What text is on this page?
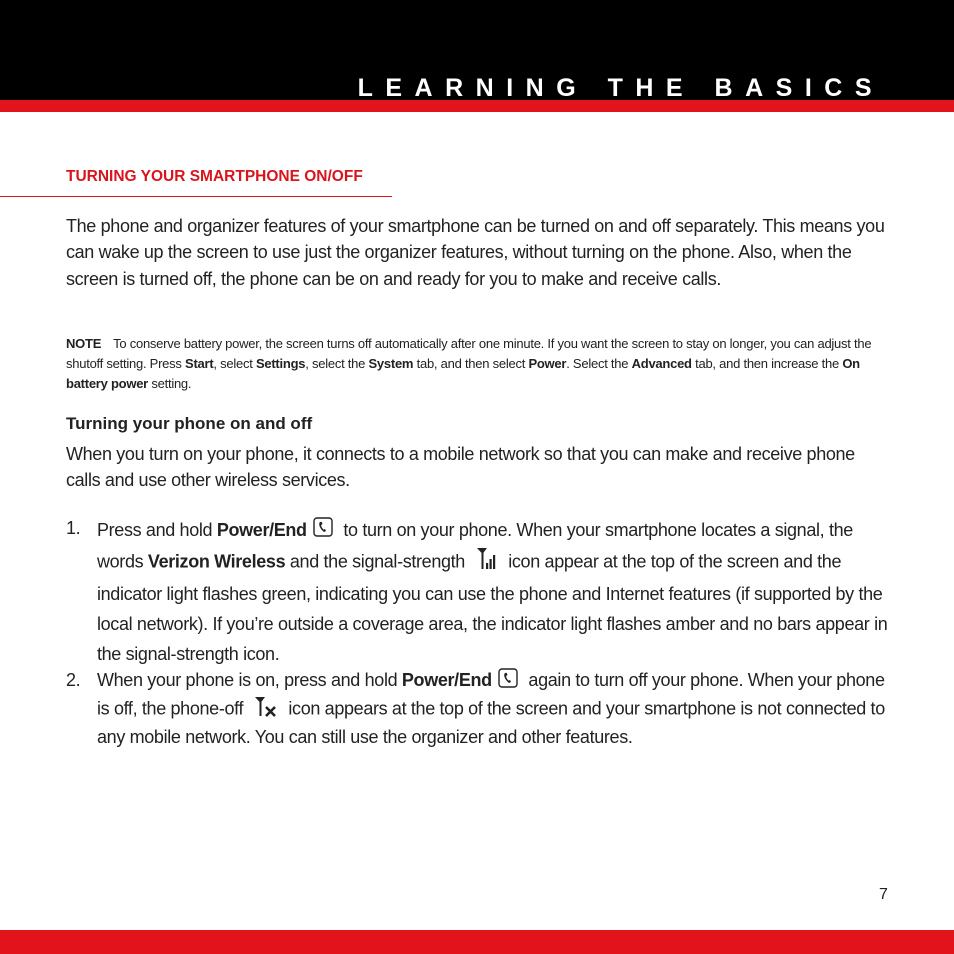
LEARNING THE BASICS
TURNING YOUR SMARTPHONE ON/OFF
The phone and organizer features of your smartphone can be turned on and off separately. This means you can wake up the screen to use just the organizer features, without turning on the phone. Also, when the screen is turned off, the phone can be on and ready for you to make and receive calls.
NOTE To conserve battery power, the screen turns off automatically after one minute. If you want the screen to stay on longer, you can adjust the shutoff setting. Press Start, select Settings, select the System tab, and then select Power. Select the Advanced tab, and then increase the On battery power setting.
Turning your phone on and off
When you turn on your phone, it connects to a mobile network so that you can make and receive phone calls and use other wireless services.
1. Press and hold Power/End to turn on your phone. When your smartphone locates a signal, the words Verizon Wireless and the signal-strength  icon appear at the top of the screen and the indicator light flashes green, indicating you can use the phone and Internet features (if supported by the local network). If you’re outside a coverage area, the indicator light flashes amber and no bars appear in the signal-strength icon.
2. When your phone is on, press and hold Power/End again to turn off your phone. When your phone is off, the phone-off  icon appears at the top of the screen and your smartphone is not connected to any mobile network. You can still use the organizer and other features.
7
